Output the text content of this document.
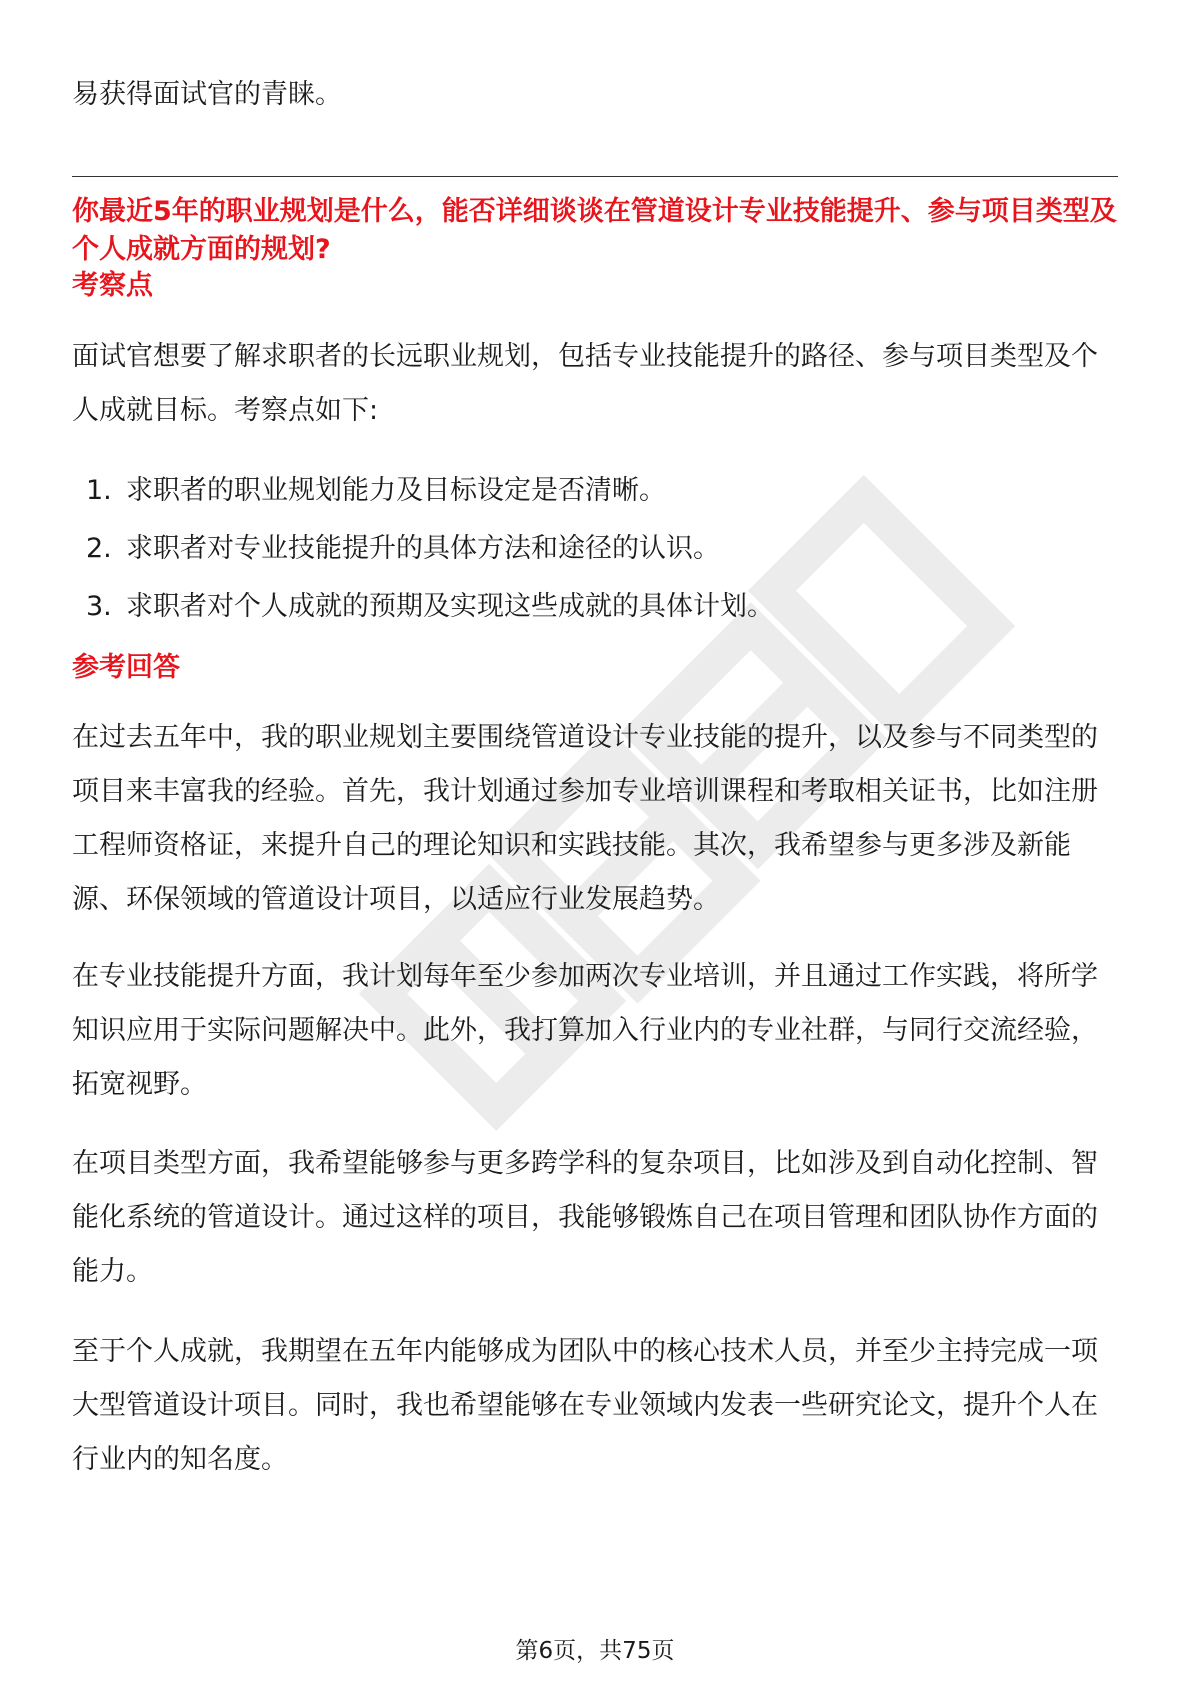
易获得面试官的青睐。

你最近5年的职业规划是什么，能否详细谈谈在管道设计专业技能提升、参与项目类型及个人成就方面的规划?

考察点

面试官想要了解求职者的长远职业规划，包括专业技能提升的路径、参与项目类型及个人成就目标。考察点如下:

1. 求职者的职业规划能力及目标设定是否清晰。
2. 求职者对专业技能提升的具体方法和途径的认识。
3. 求职者对个人成就的预期及实现这些成就的具体计划。

参考回答

在过去五年中，我的职业规划主要围绕管道设计专业技能的提升，以及参与不同类型的项目来丰富我的经验。首先，我计划通过参加专业培训课程和考取相关证书，比如注册工程师资格证，来提升自己的理论知识和实践技能。其次，我希望参与更多涉及新能源、环保领域的管道设计项目，以适应行业发展趋势。

在专业技能提升方面，我计划每年至少参加两次专业培训，并且通过工作实践，将所学知识应用于实际问题解决中。此外，我打算加入行业内的专业社群，与同行交流经验，拓宽视野。

在项目类型方面，我希望能够参与更多跨学科的复杂项目，比如涉及到自动化控制、智能化系统的管道设计。通过这样的项目，我能够锻炼自己在项目管理和团队协作方面的能力。

至于个人成就，我期望在五年内能够成为团队中的核心技术人员，并至少主持完成一项大型管道设计项目。同时，我也希望能够在专业领域内发表一些研究论文，提升个人在行业内的知名度。

第6页，共75页
